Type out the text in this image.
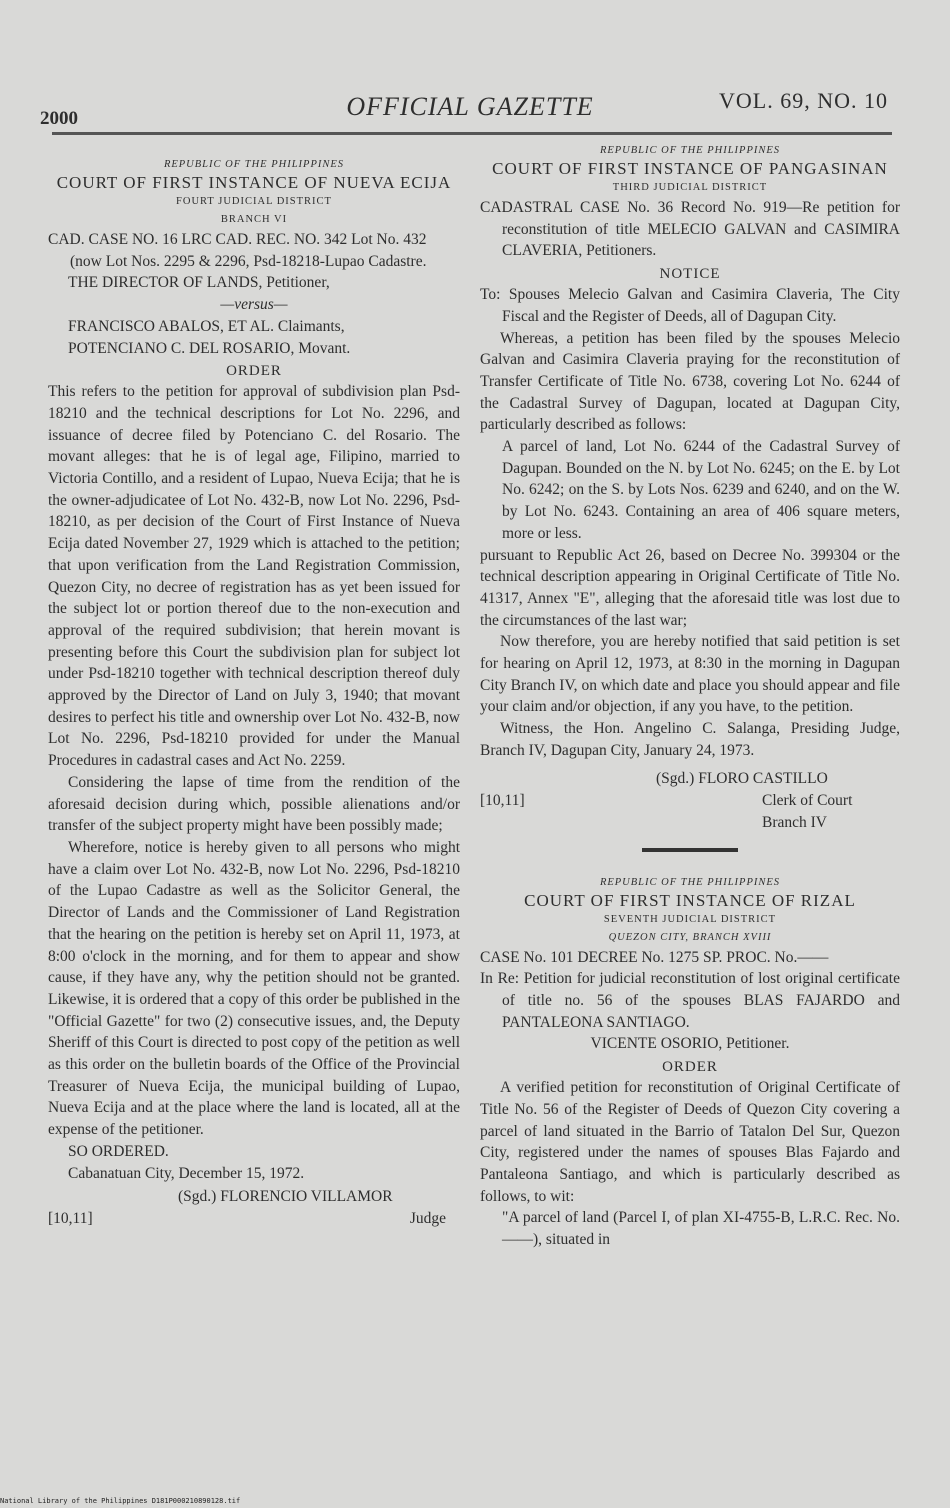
2000	OFFICIAL GAZETTE	VOL. 69, NO. 10
REPUBLIC OF THE PHILIPPINES
COURT OF FIRST INSTANCE OF NUEVA ECIJA
FOURT JUDICIAL DISTRICT
BRANCH VI
CAD. CASE NO. 16 LRC CAD. REC. NO. 342 Lot No. 432 (now Lot Nos. 2295 & 2296, Psd-18218-Lupao Cadastre.
THE DIRECTOR OF LANDS, Petitioner,
—versus—
FRANCISCO ABALOS, ET AL. Claimants,
POTENCIANO C. DEL ROSARIO, Movant.
ORDER

This refers to the petition for approval of subdivision plan Psd-18210 and the technical descriptions for Lot No. 2296, and issuance of decree filed by Potenciano C. del Rosario. The movant alleges: that he is of legal age, Filipino, married to Victoria Contillo, and a resident of Lupao, Nueva Ecija; that he is the owner-adjudicatee of Lot No. 432-B, now Lot No. 2296, Psd-18210, as per decision of the Court of First Instance of Nueva Ecija dated November 27, 1929 which is attached to the petition; that upon verification from the Land Registration Commission, Quezon City, no decree of registration has as yet been issued for the subject lot or portion thereof due to the non-execution and approval of the required subdivision; that herein movant is presenting before this Court the subdivision plan for subject lot under Psd-18210 together with technical description thereof duly approved by the Director of Land on July 3, 1940; that movant desires to perfect his title and ownership over Lot No. 432-B, now Lot No. 2296, Psd-18210 provided for under the Manual Procedures in cadastral cases and Act No. 2259.

Considering the lapse of time from the rendition of the aforesaid decision during which, possible alienations and/or transfer of the subject property might have been possibly made;

Wherefore, notice is hereby given to all persons who might have a claim over Lot No. 432-B, now Lot No. 2296, Psd-18210 of the Lupao Cadastre as well as the Solicitor General, the Director of Lands and the Commissioner of Land Registration that the hearing on the petition is hereby set on April 11, 1973, at 8:00 o'clock in the morning, and for them to appear and show cause, if they have any, why the petition should not be granted. Likewise, it is ordered that a copy of this order be published in the "Official Gazette" for two (2) consecutive issues, and, the Deputy Sheriff of this Court is directed to post copy of the petition as well as this order on the bulletin boards of the Office of the Provincial Treasurer of Nueva Ecija, the municipal building of Lupao, Nueva Ecija and at the place where the land is located, all at the expense of the petitioner.

SO ORDERED.
Cabanatuan City, December 15, 1972.
(Sgd.) FLORENCIO VILLAMOR
[10,11]	Judge
REPUBLIC OF THE PHILIPPINES
COURT OF FIRST INSTANCE OF PANGASINAN
THIRD JUDICIAL DISTRICT
CADASTRAL CASE No. 36 Record No. 919—Re petition for reconstitution of title MELECIO GALVAN and CASIMIRA CLAVERIA, Petitioners.
NOTICE
To: Spouses Melecio Galvan and Casimira Claveria, The City Fiscal and the Register of Deeds, all of Dagupan City.

Whereas, a petition has been filed by the spouses Melecio Galvan and Casimira Claveria praying for the reconstitution of Transfer Certificate of Title No. 6738, covering Lot No. 6244 of the Cadastral Survey of Dagupan, located at Dagupan City, particularly described as follows:

A parcel of land, Lot No. 6244 of the Cadastral Survey of Dagupan. Bounded on the N. by Lot No. 6245; on the E. by Lot No. 6242; on the S. by Lots Nos. 6239 and 6240, and on the W. by Lot No. 6243. Containing an area of 406 square meters, more or less.

pursuant to Republic Act 26, based on Decree No. 399304 or the technical description appearing in Original Certificate of Title No. 41317, Annex "E", alleging that the aforesaid title was lost due to the circumstances of the last war;

Now therefore, you are hereby notified that said petition is set for hearing on April 12, 1973, at 8:30 in the morning in Dagupan City Branch IV, on which date and place you should appear and file your claim and/or objection, if any you have, to the petition.

Witness, the Hon. Angelino C. Salanga, Presiding Judge, Branch IV, Dagupan City, January 24, 1973.

(Sgd.) FLORO CASTILLO
[10,11]	Clerk of Court
Branch IV
REPUBLIC OF THE PHILIPPINES
COURT OF FIRST INSTANCE OF RIZAL
SEVENTH JUDICIAL DISTRICT
QUEZON CITY, BRANCH XVIII
CASE No. 101 DECREE No. 1275 SP. PROC. No.——
In Re: Petition for judicial reconstitution of lost original certificate of title no. 56 of the spouses BLAS FAJARDO and PANTALEONA SANTIAGO.
VICENTE OSORIO, Petitioner.
ORDER

A verified petition for reconstitution of Original Certificate of Title No. 56 of the Register of Deeds of Quezon City covering a parcel of land situated in the Barrio of Tatalon Del Sur, Quezon City, registered under the names of spouses Blas Fajardo and Pantaleona Santiago, and which is particularly described as follows, to wit:

"A parcel of land (Parcel I, of plan XI-4755-B, L.R.C. Rec. No.——), situated in

National Library of the Philippines D181P000210890128.tif
